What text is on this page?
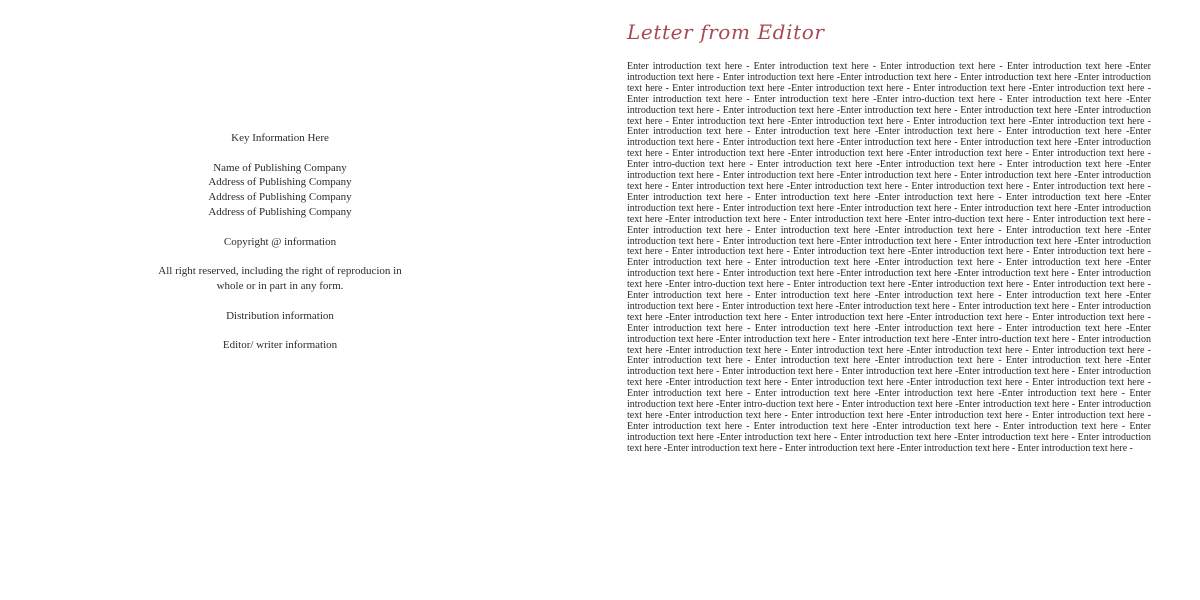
Key Information Here
Name of Publishing Company
Address of Publishing Company
Address of Publishing Company
Address of Publishing Company
Copyright @ information
All right reserved, including the right of reproducion in
whole or in part in any form.
Distribution information
Editor/ writer information
Letter from Editor

Enter introduction text here - Enter introduction text here - Enter introduction text here - Enter introduction text here -Enter introduction text here - Enter introduction text here -Enter introduction text here - Enter introduction text here -Enter introduction text here - Enter introduction text here -Enter introduction text here - Enter introduction text here -Enter introduction text here -Enter introduction text here - Enter introduction text here -Enter intro-duction text here - Enter introduction text here -Enter introduction text here - Enter introduction text here -Enter introduction text here - Enter introduction text here -Enter introduction text here - Enter introduction text here -Enter introduction text here - Enter introduction text here -Enter introduction text here - Enter introduction text here - Enter introduction text here -Enter introduction text here - Enter introduction text here -Enter introduction text here - Enter introduction text here -Enter introduction text here - Enter introduction text here -Enter introduction text here - Enter introduction text here -Enter introduction text here -Enter introduction text here - Enter introduction text here -Enter intro-duction text here - Enter introduction text here -Enter introduction text here - Enter introduction text here -Enter introduction text here - Enter introduction text here -Enter introduction text here - Enter introduction text here -Enter introduction text here - Enter introduction text here -Enter introduction text here - Enter introduction text here - Enter introduction text here -Enter introduction text here - Enter introduction text here -Enter introduction text here - Enter introduction text here -Enter introduction text here - Enter introduction text here -Enter introduction text here - Enter introduction text here -Enter introduction text here -Enter introduction text here - Enter introduction text here -Enter intro-duction text here - Enter introduction text here -Enter introduction text here - Enter introduction text here -Enter introduction text here - Enter introduction text here -Enter introduction text here - Enter introduction text here -Enter introduction text here - Enter introduction text here -Enter introduction text here - Enter introduction text here - Enter introduction text here -Enter introduction text here - Enter introduction text here -Enter introduction text here - Enter introduction text here -Enter introduction text here - Enter introduction text here -Enter introduction text here - Enter introduction text here -Enter introduction text here -Enter introduction text here - Enter introduction text here -Enter intro-duction text here - Enter introduction text here -Enter introduction text here - Enter introduction text here -Enter introduction text here - Enter introduction text here -Enter introduction text here - Enter introduction text here -Enter introduction text here - Enter introduction text here -Enter introduction text here - Enter introduction text here - Enter introduction text here -Enter introduction text here - Enter introduction text here -Enter introduction text here - Enter introduction text here -Enter introduction text here - Enter introduction text here -Enter introduction text here - Enter introduction text here -Enter introduction text here -Enter introduction text here - Enter introduction text here -Enter intro-duction text here - Enter introduction text here -Enter introduction text here - Enter introduction text here -Enter introduction text here - Enter introduction text here -Enter introduction text here - Enter introduction text here -Enter introduction text here - Enter introduction text here -Enter introduction text here - Enter introduction text here - Enter introduction text here -Enter introduction text here - Enter introduction text here -Enter introduction text here - Enter introduction text here -Enter introduction text here - Enter introduction text here -Enter introduction text here - Enter introduction text here -Enter introduction text here -Enter introduction text here - Enter introduction text here -Enter intro-duction text here - Enter introduction text here -Enter introduction text here - Enter introduction text here -Enter introduction text here - Enter introduction text here -Enter introduction text here - Enter introduction text here -Enter introduction text here - Enter introduction text here -Enter introduction text here - Enter introduction text here - Enter introduction text here -Enter introduction text here - Enter introduction text here -Enter introduction text here - Enter introduction text here -Enter introduction text here - Enter introduction text here -Enter introduction text here - Enter introduction text here -
